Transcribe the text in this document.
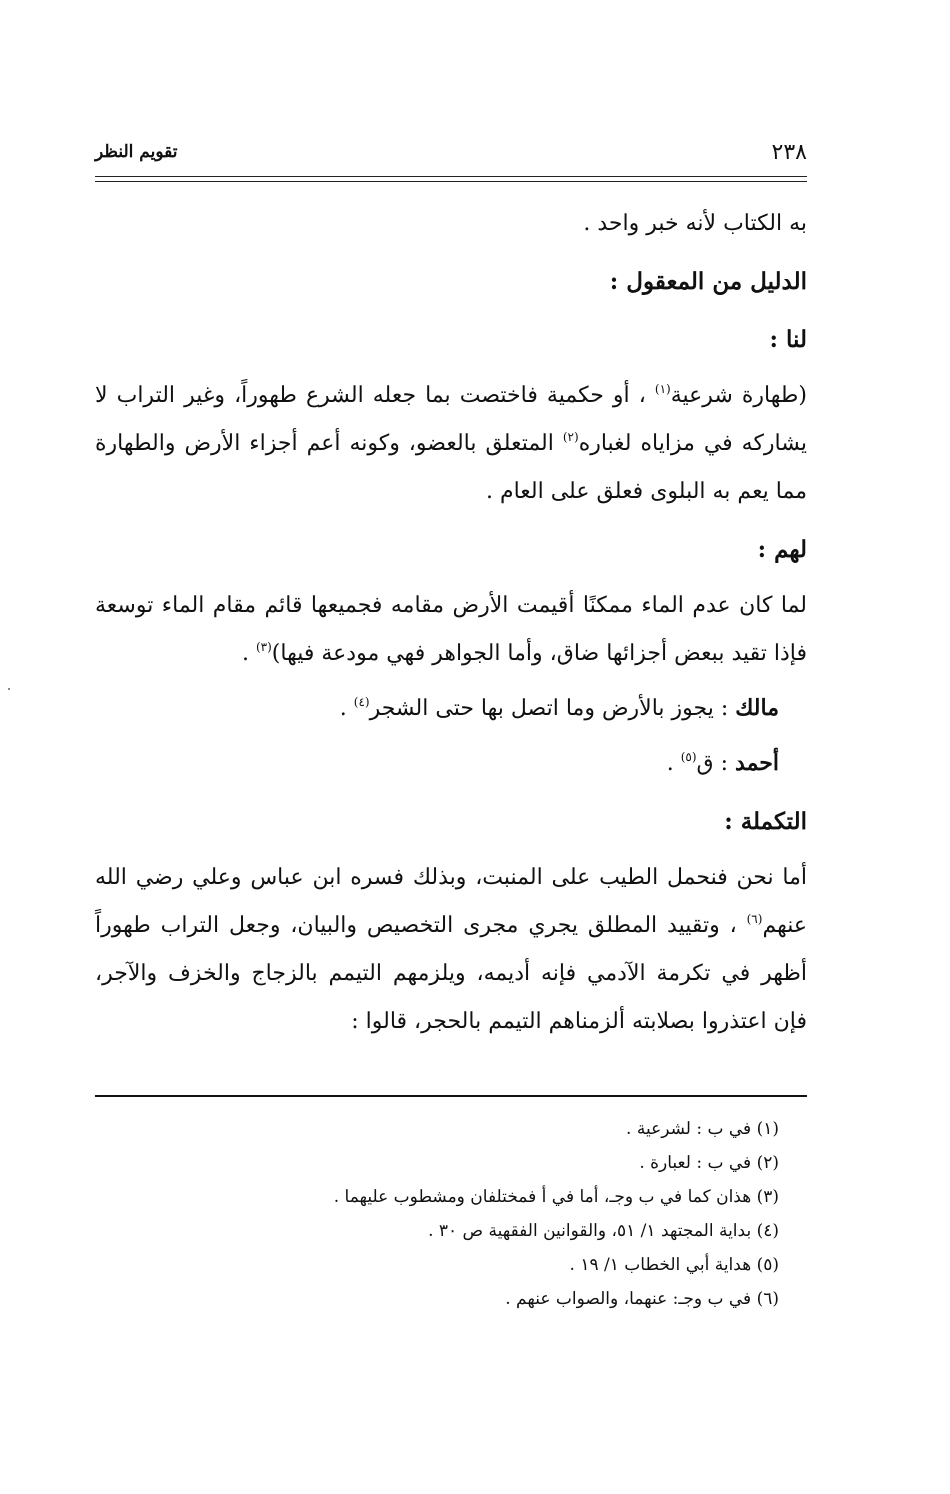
تقويم النظر	٢٣٨

به الكتاب لأنه خبر واحد .

الدليل من المعقول :

لنا :

(طهارة شرعية$^{(١)}$ ، أو حكمية فاختصت بما جعله الشرع طهوراً، وغير التراب لا يشاركه في مزاياه لغباره$^{(٢)}$ المتعلق بالعضو، وكونه أعم أجزاء الأرض والطهارة مما يعم به البلوى فعلق على العام .

لهم :

لما كان عدم الماء ممكنًا أقيمت الأرض مقامه فجميعها قائم مقام الماء توسعة فإذا تقيد ببعض أجزائها ضاق، وأما الجواهر فهي مودعة فيها)$^{(٣)}$ .

مالك : يجوز بالأرض وما اتصل بها حتى الشجر$^{(٤)}$ .

أحمد : ق$^{(٥)}$ .

التكملة :

أما نحن فنحمل الطيب على المنبت، وبذلك فسره ابن عباس وعلي رضي الله عنهم$^{(٦)}$ ، وتقييد المطلق يجري مجرى التخصيص والبيان، وجعل التراب طهوراً أظهر في تكرمة الآدمي فإنه أديمه، ويلزمهم التيمم بالزجاج والخزف والآجر، فإن اعتذروا بصلابته ألزمناهم التيمم بالحجر، قالوا :

(١) في ب : لشرعية .
(٢) في ب : لعبارة .
(٣) هذان كما في ب وجـ، أما في أ فمختلفان ومشطوب عليهما .
(٤) بداية المجتهد ١/ ٥١، والقوانين الفقهية ص ٣٠ .
(٥) هداية أبي الخطاب ١/ ١٩ .
(٦) في ب وجـ: عنهما، والصواب عنهم .
